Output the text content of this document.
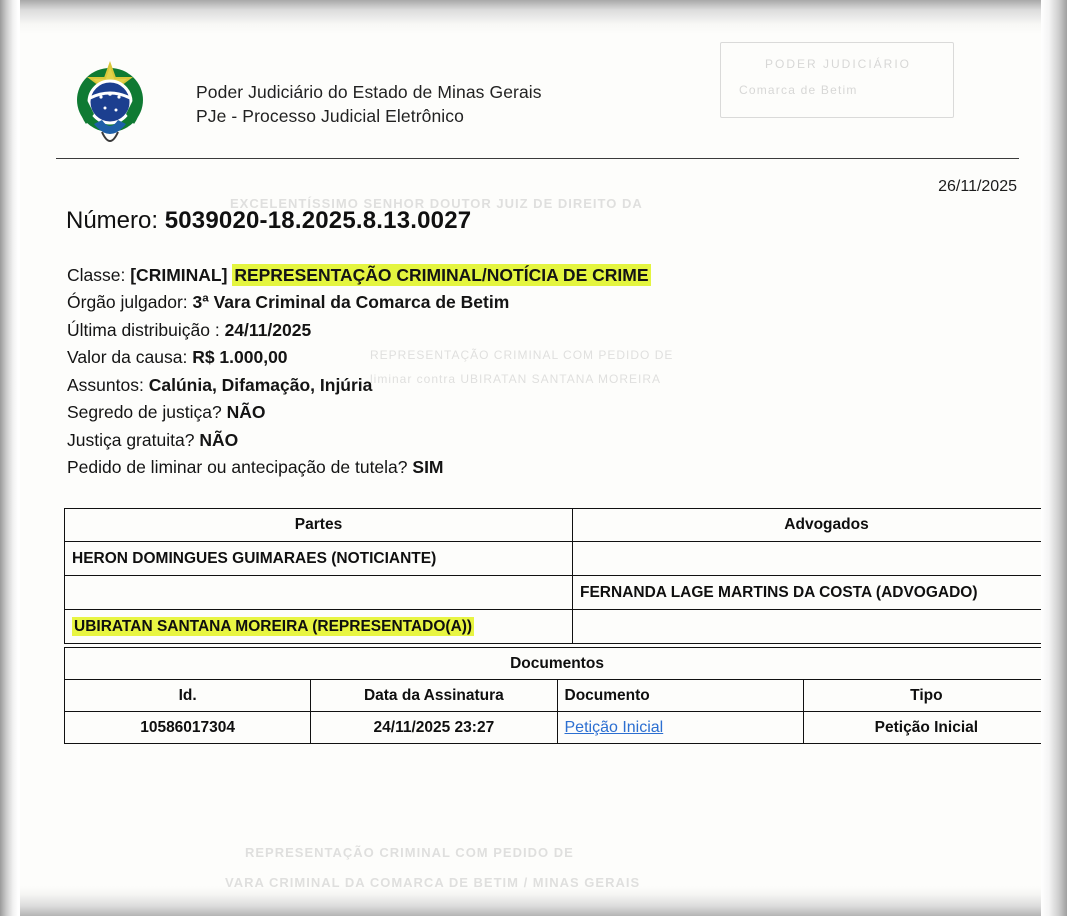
PODER JUDICIÁRIO
Comarca de Betim
EXCELENTÍSSIMO SENHOR DOUTOR JUIZ DE DIREITO DA
REPRESENTAÇÃO CRIMINAL COM PEDIDO DE
liminar contra UBIRATAN SANTANA MOREIRA
REPRESENTAÇÃO CRIMINAL COM PEDIDO DE
VARA CRIMINAL DA COMARCA DE BETIM / MINAS GERAIS
Poder Judiciário do Estado de Minas Gerais
PJe - Processo Judicial Eletrônico
26/11/2025
Número: 5039020-18.2025.8.13.0027
Classe: [CRIMINAL] REPRESENTAÇÃO CRIMINAL/NOTÍCIA DE CRIME
Órgão julgador: 3ª Vara Criminal da Comarca de Betim
Última distribuição : 24/11/2025
Valor da causa: R$ 1.000,00
Assuntos: Calúnia, Difamação, Injúria
Segredo de justiça? NÃO
Justiça gratuita? NÃO
Pedido de liminar ou antecipação de tutela? SIM
Partes	Advogados
HERON DOMINGUES GUIMARAES (NOTICIANTE)	
	FERNANDA LAGE MARTINS DA COSTA (ADVOGADO)
UBIRATAN SANTANA MOREIRA (REPRESENTADO(A))	
Documentos			
Id.	Data da Assinatura	Documento	Tipo
10586017304	24/11/2025 23:27	Petição Inicial	Petição Inicial
